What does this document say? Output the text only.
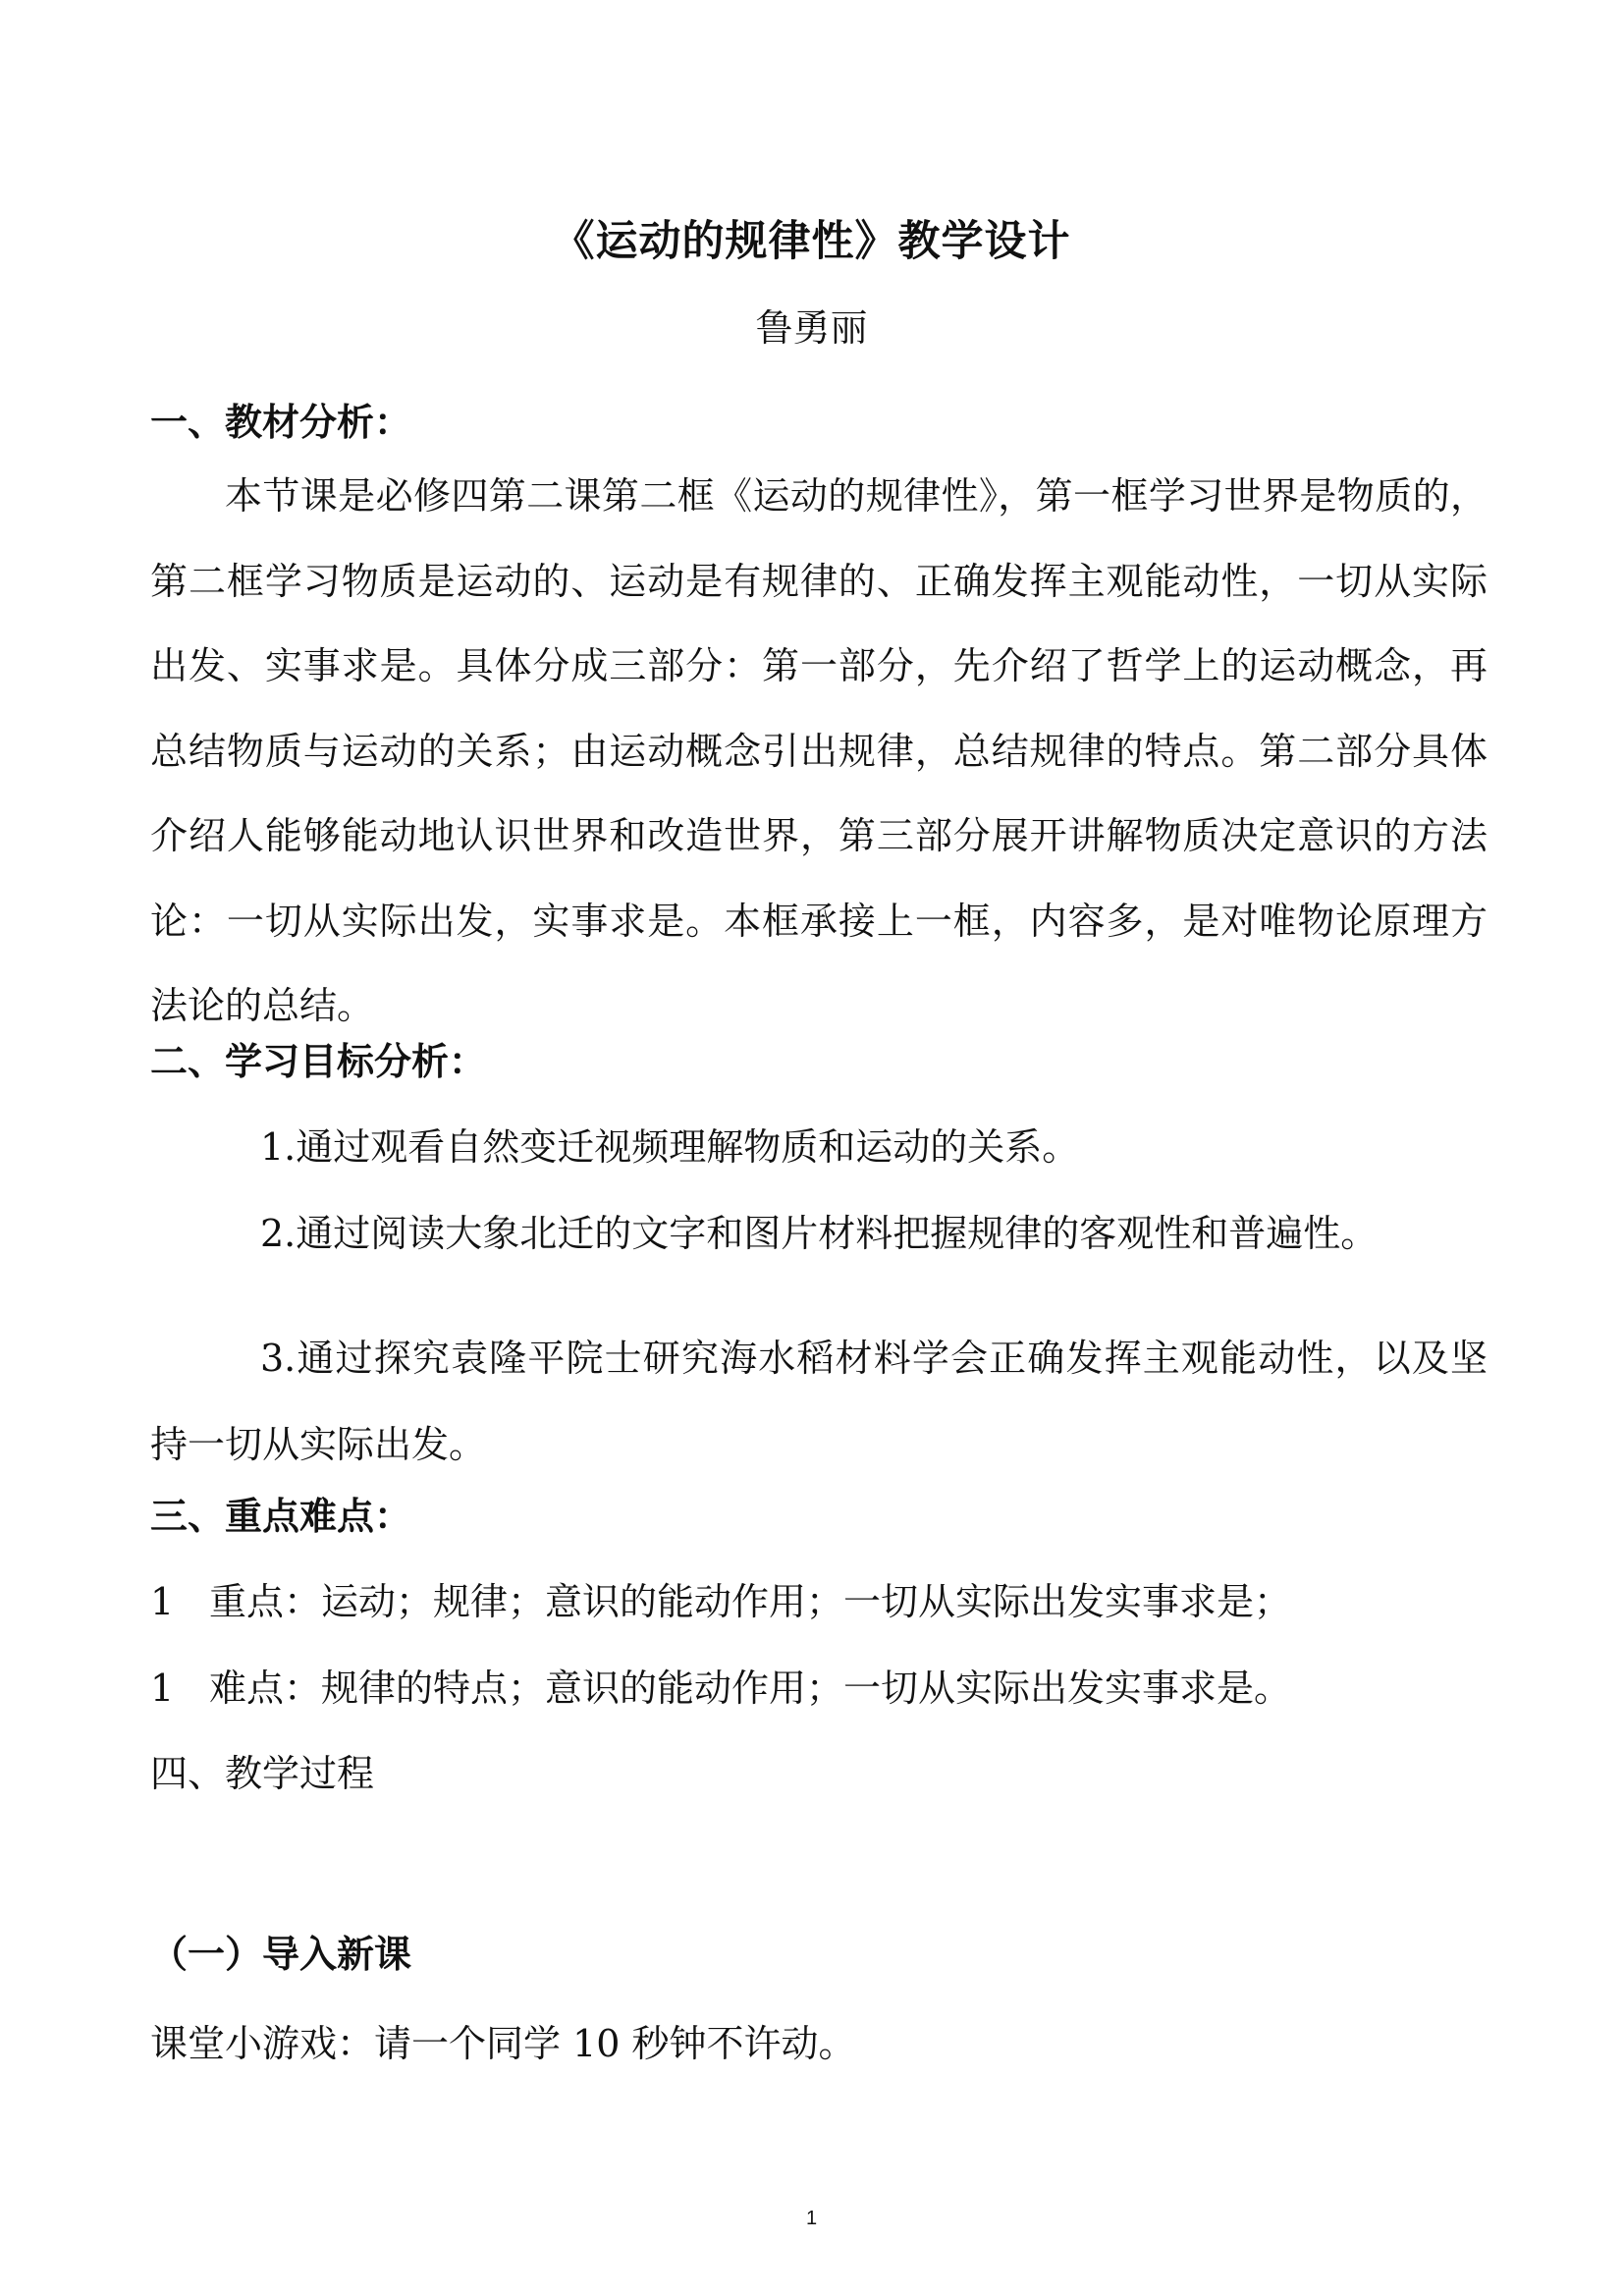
《运动的规律性》教学设计
鲁勇丽
一、教材分析：

本节课是必修四第二课第二框《运动的规律性》，第一框学习世界是物质的，第二框学习物质是运动的、运动是有规律的、正确发挥主观能动性，一切从实际出发、实事求是。具体分成三部分：第一部分，先介绍了哲学上的运动概念，再总结物质与运动的关系；由运动概念引出规律，总结规律的特点。第二部分具体介绍人能够能动地认识世界和改造世界，第三部分展开讲解物质决定意识的方法论：一切从实际出发，实事求是。本框承接上一框，内容多，是对唯物论原理方法论的总结。

二、学习目标分析：
1.通过观看自然变迁视频理解物质和运动的关系。
2.通过阅读大象北迁的文字和图片材料把握规律的客观性和普遍性。

3.通过探究袁隆平院士研究海水稻材料学会正确发挥主观能动性，以及坚持一切从实际出发。

三、重点难点：
1 重点：运动；规律；意识的能动作用；一切从实际出发实事求是；
1 难点：规律的特点；意识的能动作用；一切从实际出发实事求是。
四、教学过程
（一）导入新课
课堂小游戏：请一个同学 10 秒钟不许动。
1
